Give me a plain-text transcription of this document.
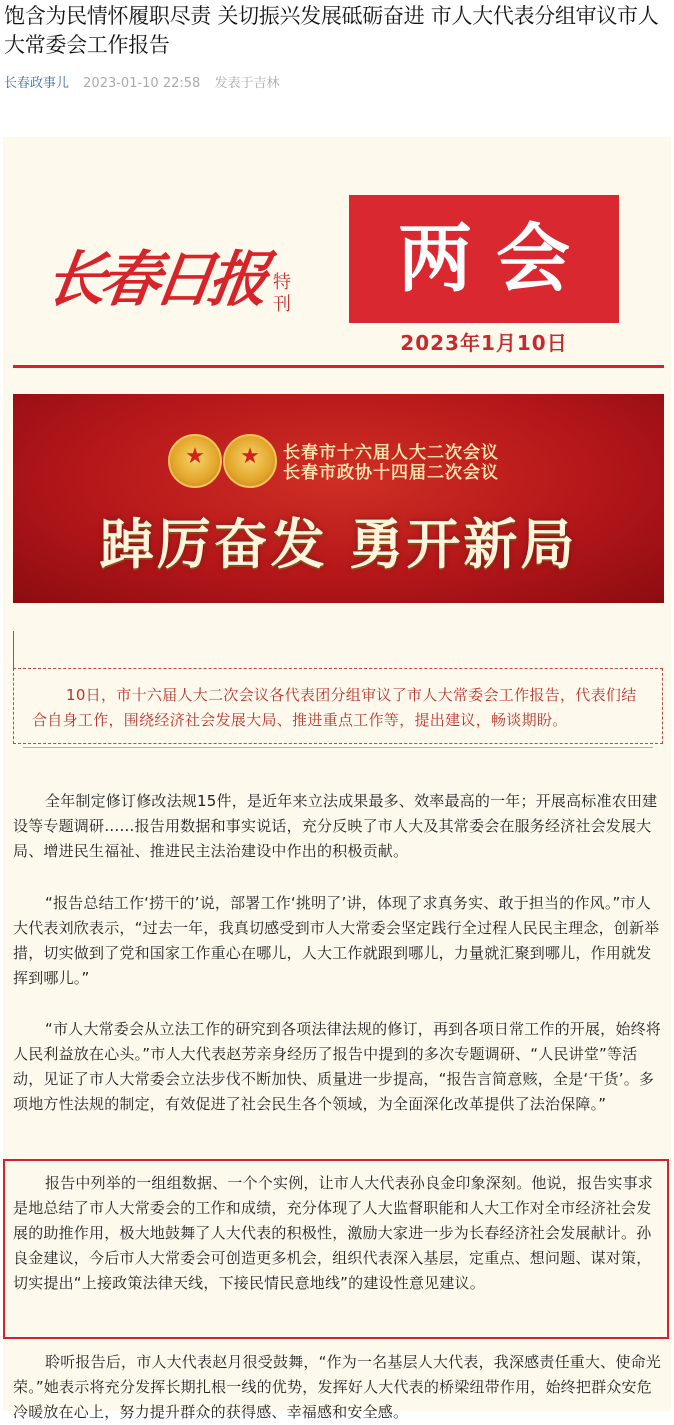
饱含为民情怀履职尽责 关切振兴发展砥砺奋进 市人大代表分组审议市人大常委会工作报告
长春政事儿 2023-01-10 22:58 发表于吉林
长春日报 特刊
两会
2023年1月10日
★	★	长春市十六届人大二次会议
长春市政协十四届二次会议
踔厉奋发 勇开新局

10日，市十六届人大二次会议各代表团分组审议了市人大常委会工作报告，代表们结合自身工作，围绕经济社会发展大局、推进重点工作等，提出建议，畅谈期盼。

全年制定修订修改法规15件，是近年来立法成果最多、效率最高的一年；开展高标准农田建设等专题调研……报告用数据和事实说话，充分反映了市人大及其常委会在服务经济社会发展大局、增进民生福祉、推进民主法治建设中作出的积极贡献。

“报告总结工作‘捞干的’说，部署工作‘挑明了’讲，体现了求真务实、敢于担当的作风。”市人大代表刘欣表示，“过去一年，我真切感受到市人大常委会坚定践行全过程人民民主理念，创新举措，切实做到了党和国家工作重心在哪儿，人大工作就跟到哪儿，力量就汇聚到哪儿，作用就发挥到哪儿。”

“市人大常委会从立法工作的研究到各项法律法规的修订，再到各项日常工作的开展，始终将人民利益放在心头。”市人大代表赵芳亲身经历了报告中提到的多次专题调研、“人民讲堂”等活动，见证了市人大常委会立法步伐不断加快、质量进一步提高，“报告言简意赅，全是‘干货’。多项地方性法规的制定，有效促进了社会民生各个领域，为全面深化改革提供了法治保障。”

报告中列举的一组组数据、一个个实例，让市人大代表孙良金印象深刻。他说，报告实事求是地总结了市人大常委会的工作和成绩，充分体现了人大监督职能和人大工作对全市经济社会发展的助推作用，极大地鼓舞了人大代表的积极性，激励大家进一步为长春经济社会发展献计。孙良金建议，今后市人大常委会可创造更多机会，组织代表深入基层，定重点、想问题、谋对策，切实提出“上接政策法律天线，下接民情民意地线”的建设性意见建议。

聆听报告后，市人大代表赵月很受鼓舞，“作为一名基层人大代表，我深感责任重大、使命光荣。”她表示将充分发挥长期扎根一线的优势，发挥好人大代表的桥梁纽带作用，始终把群众安危冷暖放在心上，努力提升群众的获得感、幸福感和安全感。
